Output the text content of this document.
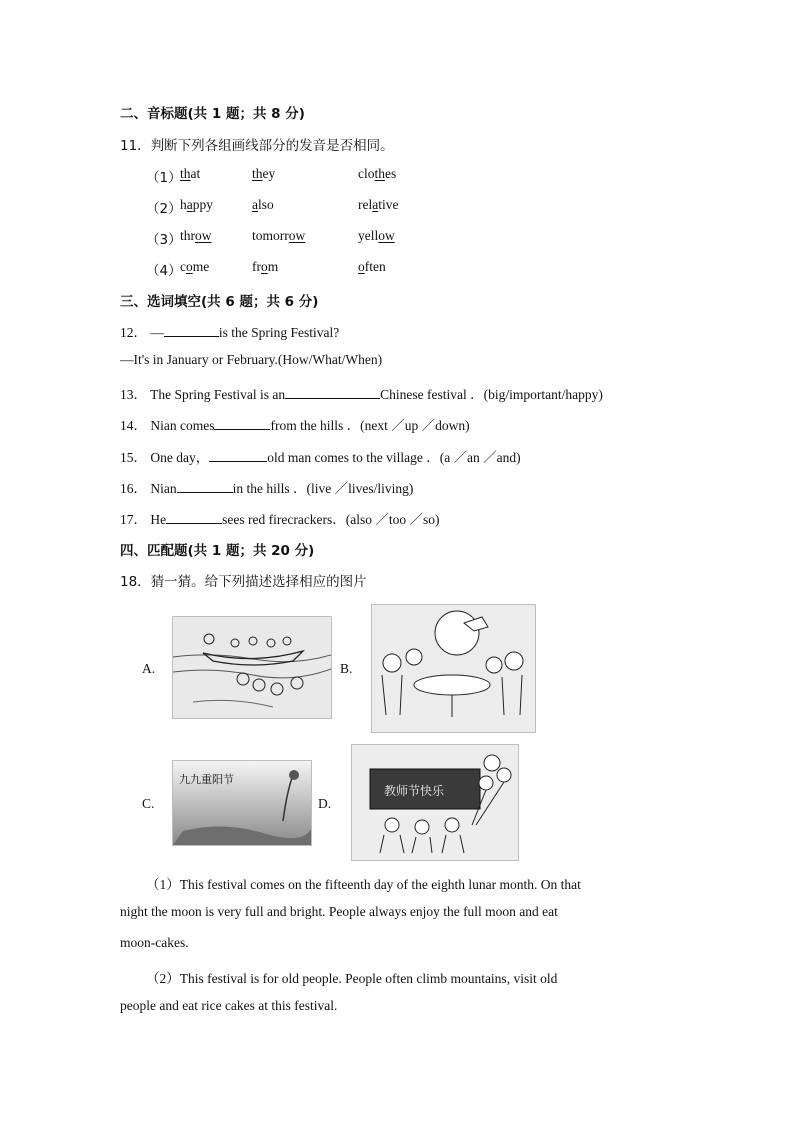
二、音标题(共 1 题；共 8 分)
11．判断下列各组画线部分的发音是否相同。
（1）
that	they	clothes
（2）
happy	also	relative
（3）
throw	tomorrow	yellow
（4）
come	from	often
三、选词填空(共 6 题；共 6 分)
12． —	is the Spring Festival?
—It's in January or February.(How/What/When)
13． The Spring Festival is an	Chinese festival ．(big/important/happy)
14． Nian comes	from the hills ．(next ／up ／down)
15． One day，	old man comes to the village ．(a ／an ／and)
16． Nian	in the hills ．(live ／lives/living)
17． He	sees red firecrackers．(also ／too ／so)
四、匹配题(共 1 题；共 20 分)
18．猜一猜。给下列描述选择相应的图片
A.	B.
C.
九九重阳节
D.
教师节快乐
（1）This festival comes on the fifteenth day of the eighth lunar month. On that
night the moon is very full and bright. People always enjoy the full moon and eat
moon-cakes.
（2）This festival is for old people. People often climb mountains, visit old
people and eat rice cakes at this festival.
